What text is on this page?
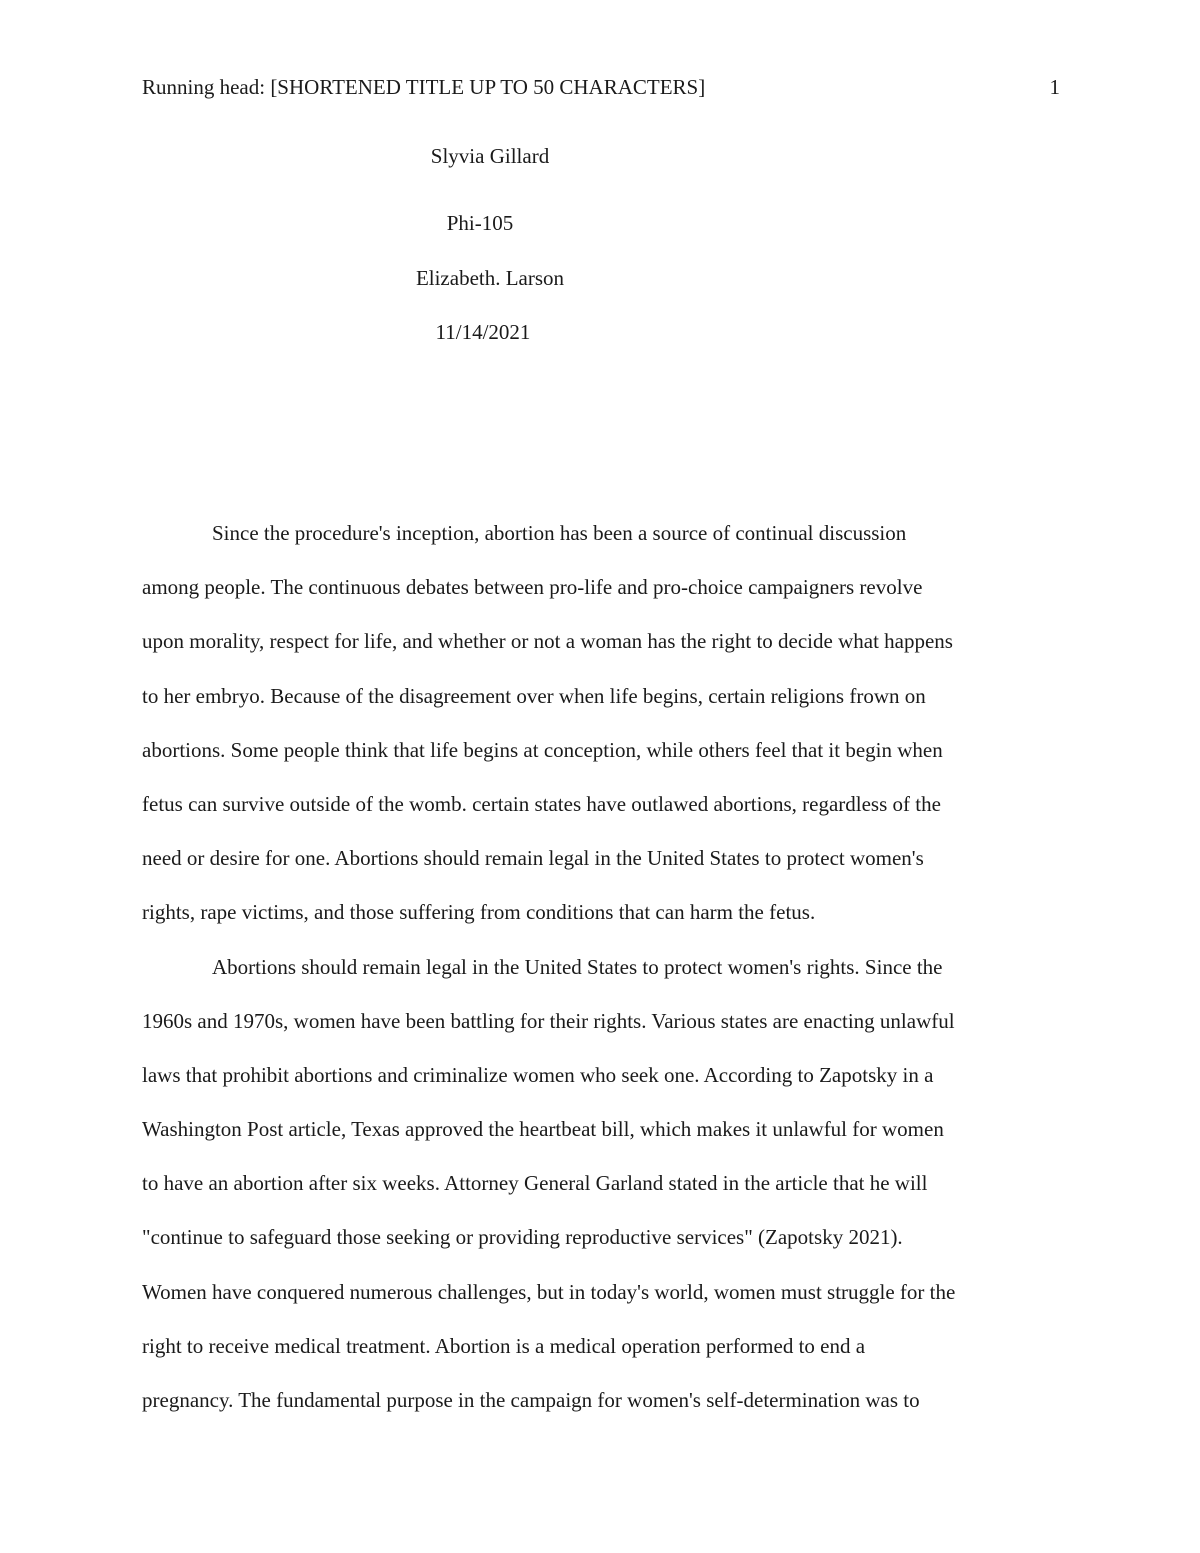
Running head: [SHORTENED TITLE UP TO 50 CHARACTERS]	1
Slyvia Gillard
Phi-105
Elizabeth. Larson
11/14/2021
Since the procedure's inception, abortion has been a source of continual discussion
among people. The continuous debates between pro-life and pro-choice campaigners revolve
upon morality, respect for life, and whether or not a woman has the right to decide what happens
to her embryo. Because of the disagreement over when life begins, certain religions frown on
abortions. Some people think that life begins at conception, while others feel that it begin when
fetus can survive outside of the womb. certain states have outlawed abortions, regardless of the
need or desire for one. Abortions should remain legal in the United States to protect women's
rights, rape victims, and those suffering from conditions that can harm the fetus.
Abortions should remain legal in the United States to protect women's rights. Since the
1960s and 1970s, women have been battling for their rights. Various states are enacting unlawful
laws that prohibit abortions and criminalize women who seek one. According to Zapotsky in a
Washington Post article, Texas approved the heartbeat bill, which makes it unlawful for women
to have an abortion after six weeks. Attorney General Garland stated in the article that he will
"continue to safeguard those seeking or providing reproductive services" (Zapotsky 2021).
Women have conquered numerous challenges, but in today's world, women must struggle for the
right to receive medical treatment. Abortion is a medical operation performed to end a
pregnancy. The fundamental purpose in the campaign for women's self-determination was to
